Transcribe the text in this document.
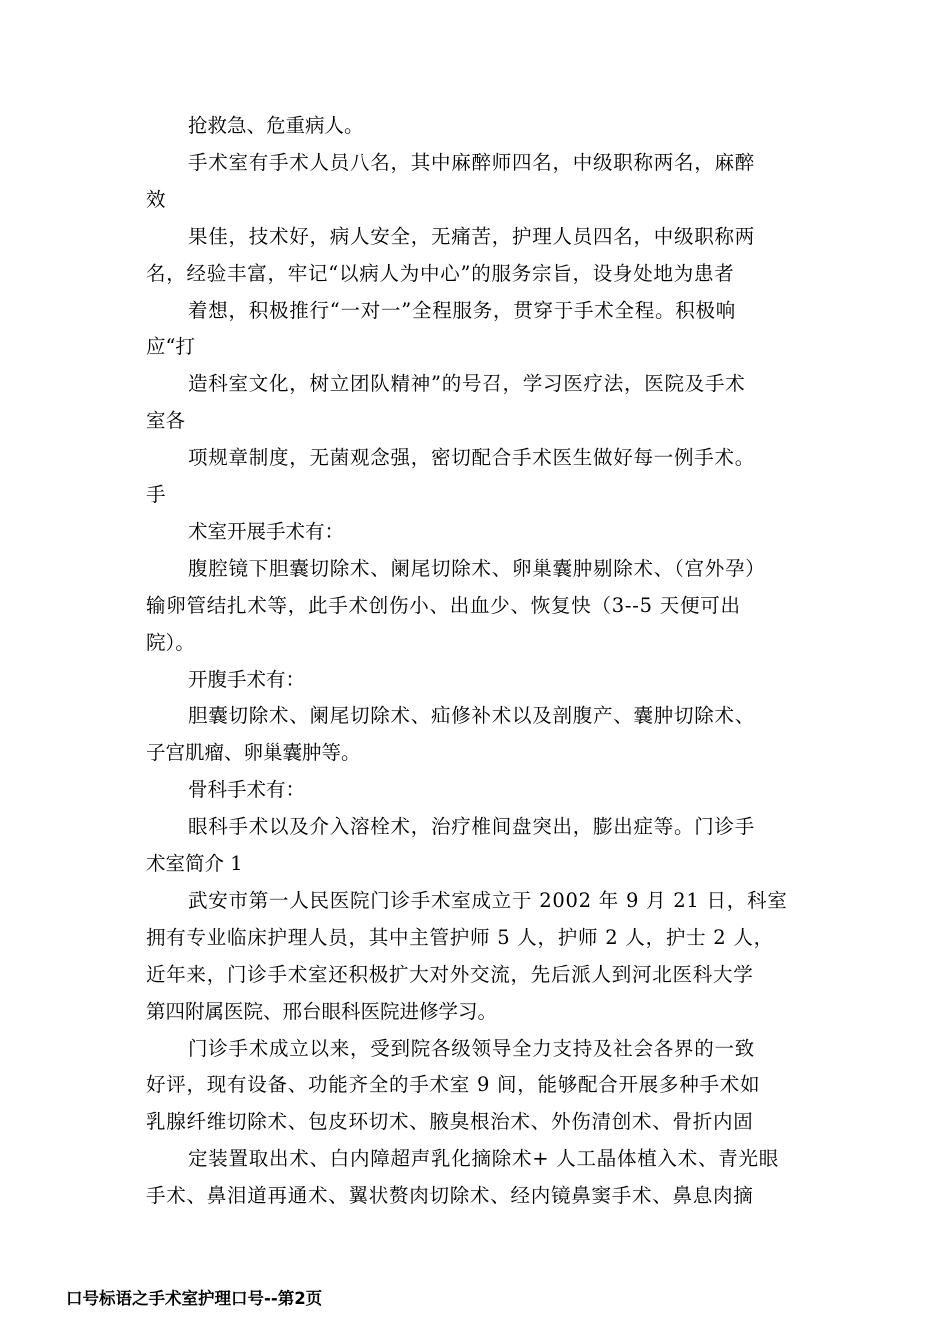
抢救急、危重病人。
手术室有手术人员八名，其中麻醉师四名，中级职称两名，麻醉
效
果佳，技术好，病人安全，无痛苦，护理人员四名，中级职称两
名，经验丰富，牢记“以病人为中心”的服务宗旨，设身处地为患者
着想，积极推行“一对一”全程服务，贯穿于手术全程。积极响
应“打
造科室文化，树立团队精神”的号召，学习医疗法，医院及手术
室各
项规章制度，无菌观念强，密切配合手术医生做好每一例手术。
手
术室开展手术有：
腹腔镜下胆囊切除术、阑尾切除术、卵巢囊肿剔除术、（宫外孕）
输卵管结扎术等，此手术创伤小、出血少、恢复快（3--5 天便可出
院）。
开腹手术有：
胆囊切除术、阑尾切除术、疝修补术以及剖腹产、囊肿切除术、
子宫肌瘤、卵巢囊肿等。
骨科手术有：
眼科手术以及介入溶栓术，治疗椎间盘突出，膨出症等。门诊手
术室简介 1
武安市第一人民医院门诊手术室成立于 2002 年 9 月 21 日，科室
拥有专业临床护理人员，其中主管护师 5 人，护师 2 人，护士 2 人，
近年来，门诊手术室还积极扩大对外交流，先后派人到河北医科大学
第四附属医院、邢台眼科医院进修学习。
门诊手术成立以来，受到院各级领导全力支持及社会各界的一致
好评，现有设备、功能齐全的手术室 9 间，能够配合开展多种手术如
乳腺纤维切除术、包皮环切术、腋臭根治术、外伤清创术、骨折内固
定装置取出术、白内障超声乳化摘除术+ 人工晶体植入术、青光眼
手术、鼻泪道再通术、翼状赘肉切除术、经内镜鼻窦手术、鼻息肉摘
口号标语之手术室护理口号--第2页
